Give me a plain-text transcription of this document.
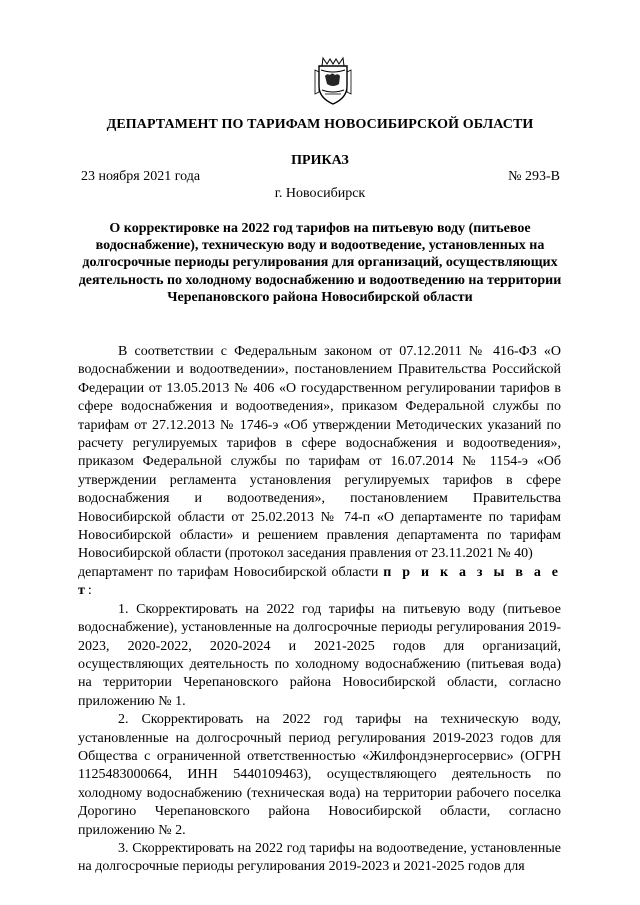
ДЕПАРТАМЕНТ ПО ТАРИФАМ НОВОСИБИРСКОЙ ОБЛАСТИ
ПРИКАЗ
23 ноября 2021 года	№ 293-В
г. Новосибирск
О корректировке на 2022 год тарифов на питьевую воду (питьевое водоснабжение), техническую воду и водоотведение, установленных на долгосрочные периоды регулирования для организаций, осуществляющих деятельность по холодному водоснабжению и водоотведению на территории Черепановского района Новосибирской области

В соответствии с Федеральным законом от 07.12.2011 № 416-ФЗ «О водоснабжении и водоотведении», постановлением Правительства Российской Федерации от 13.05.2013 № 406 «О государственном регулировании тарифов в сфере водоснабжения и водоотведения», приказом Федеральной службы по тарифам от 27.12.2013 № 1746-э «Об утверждении Методических указаний по расчету регулируемых тарифов в сфере водоснабжения и водоотведения», приказом Федеральной службы по тарифам от 16.07.2014 № 1154-э «Об утверждении регламента установления регулируемых тарифов в сфере водоснабжения и водоотведения», постановлением Правительства Новосибирской области от 25.02.2013 № 74-п «О департаменте по тарифам Новосибирской области» и решением правления департамента по тарифам Новосибирской области (протокол заседания правления от 23.11.2021 № 40)

департамент по тарифам Новосибирской области п р и к а з ы в а е т:

1. Скорректировать на 2022 год тарифы на питьевую воду (питьевое водоснабжение), установленные на долгосрочные периоды регулирования 2019-2023, 2020-2022, 2020-2024 и 2021-2025 годов для организаций, осуществляющих деятельность по холодному водоснабжению (питьевая вода) на территории Черепановского района Новосибирской области, согласно приложению № 1.

2. Скорректировать на 2022 год тарифы на техническую воду, установленные на долгосрочный период регулирования 2019-2023 годов для Общества с ограниченной ответственностью «Жилфондэнергосервис» (ОГРН 1125483000664, ИНН 5440109463), осуществляющего деятельность по холодному водоснабжению (техническая вода) на территории рабочего поселка Дорогино Черепановского района Новосибирской области, согласно приложению № 2.

3. Скорректировать на 2022 год тарифы на водоотведение, установленные на долгосрочные периоды регулирования 2019-2023 и 2021-2025 годов для
